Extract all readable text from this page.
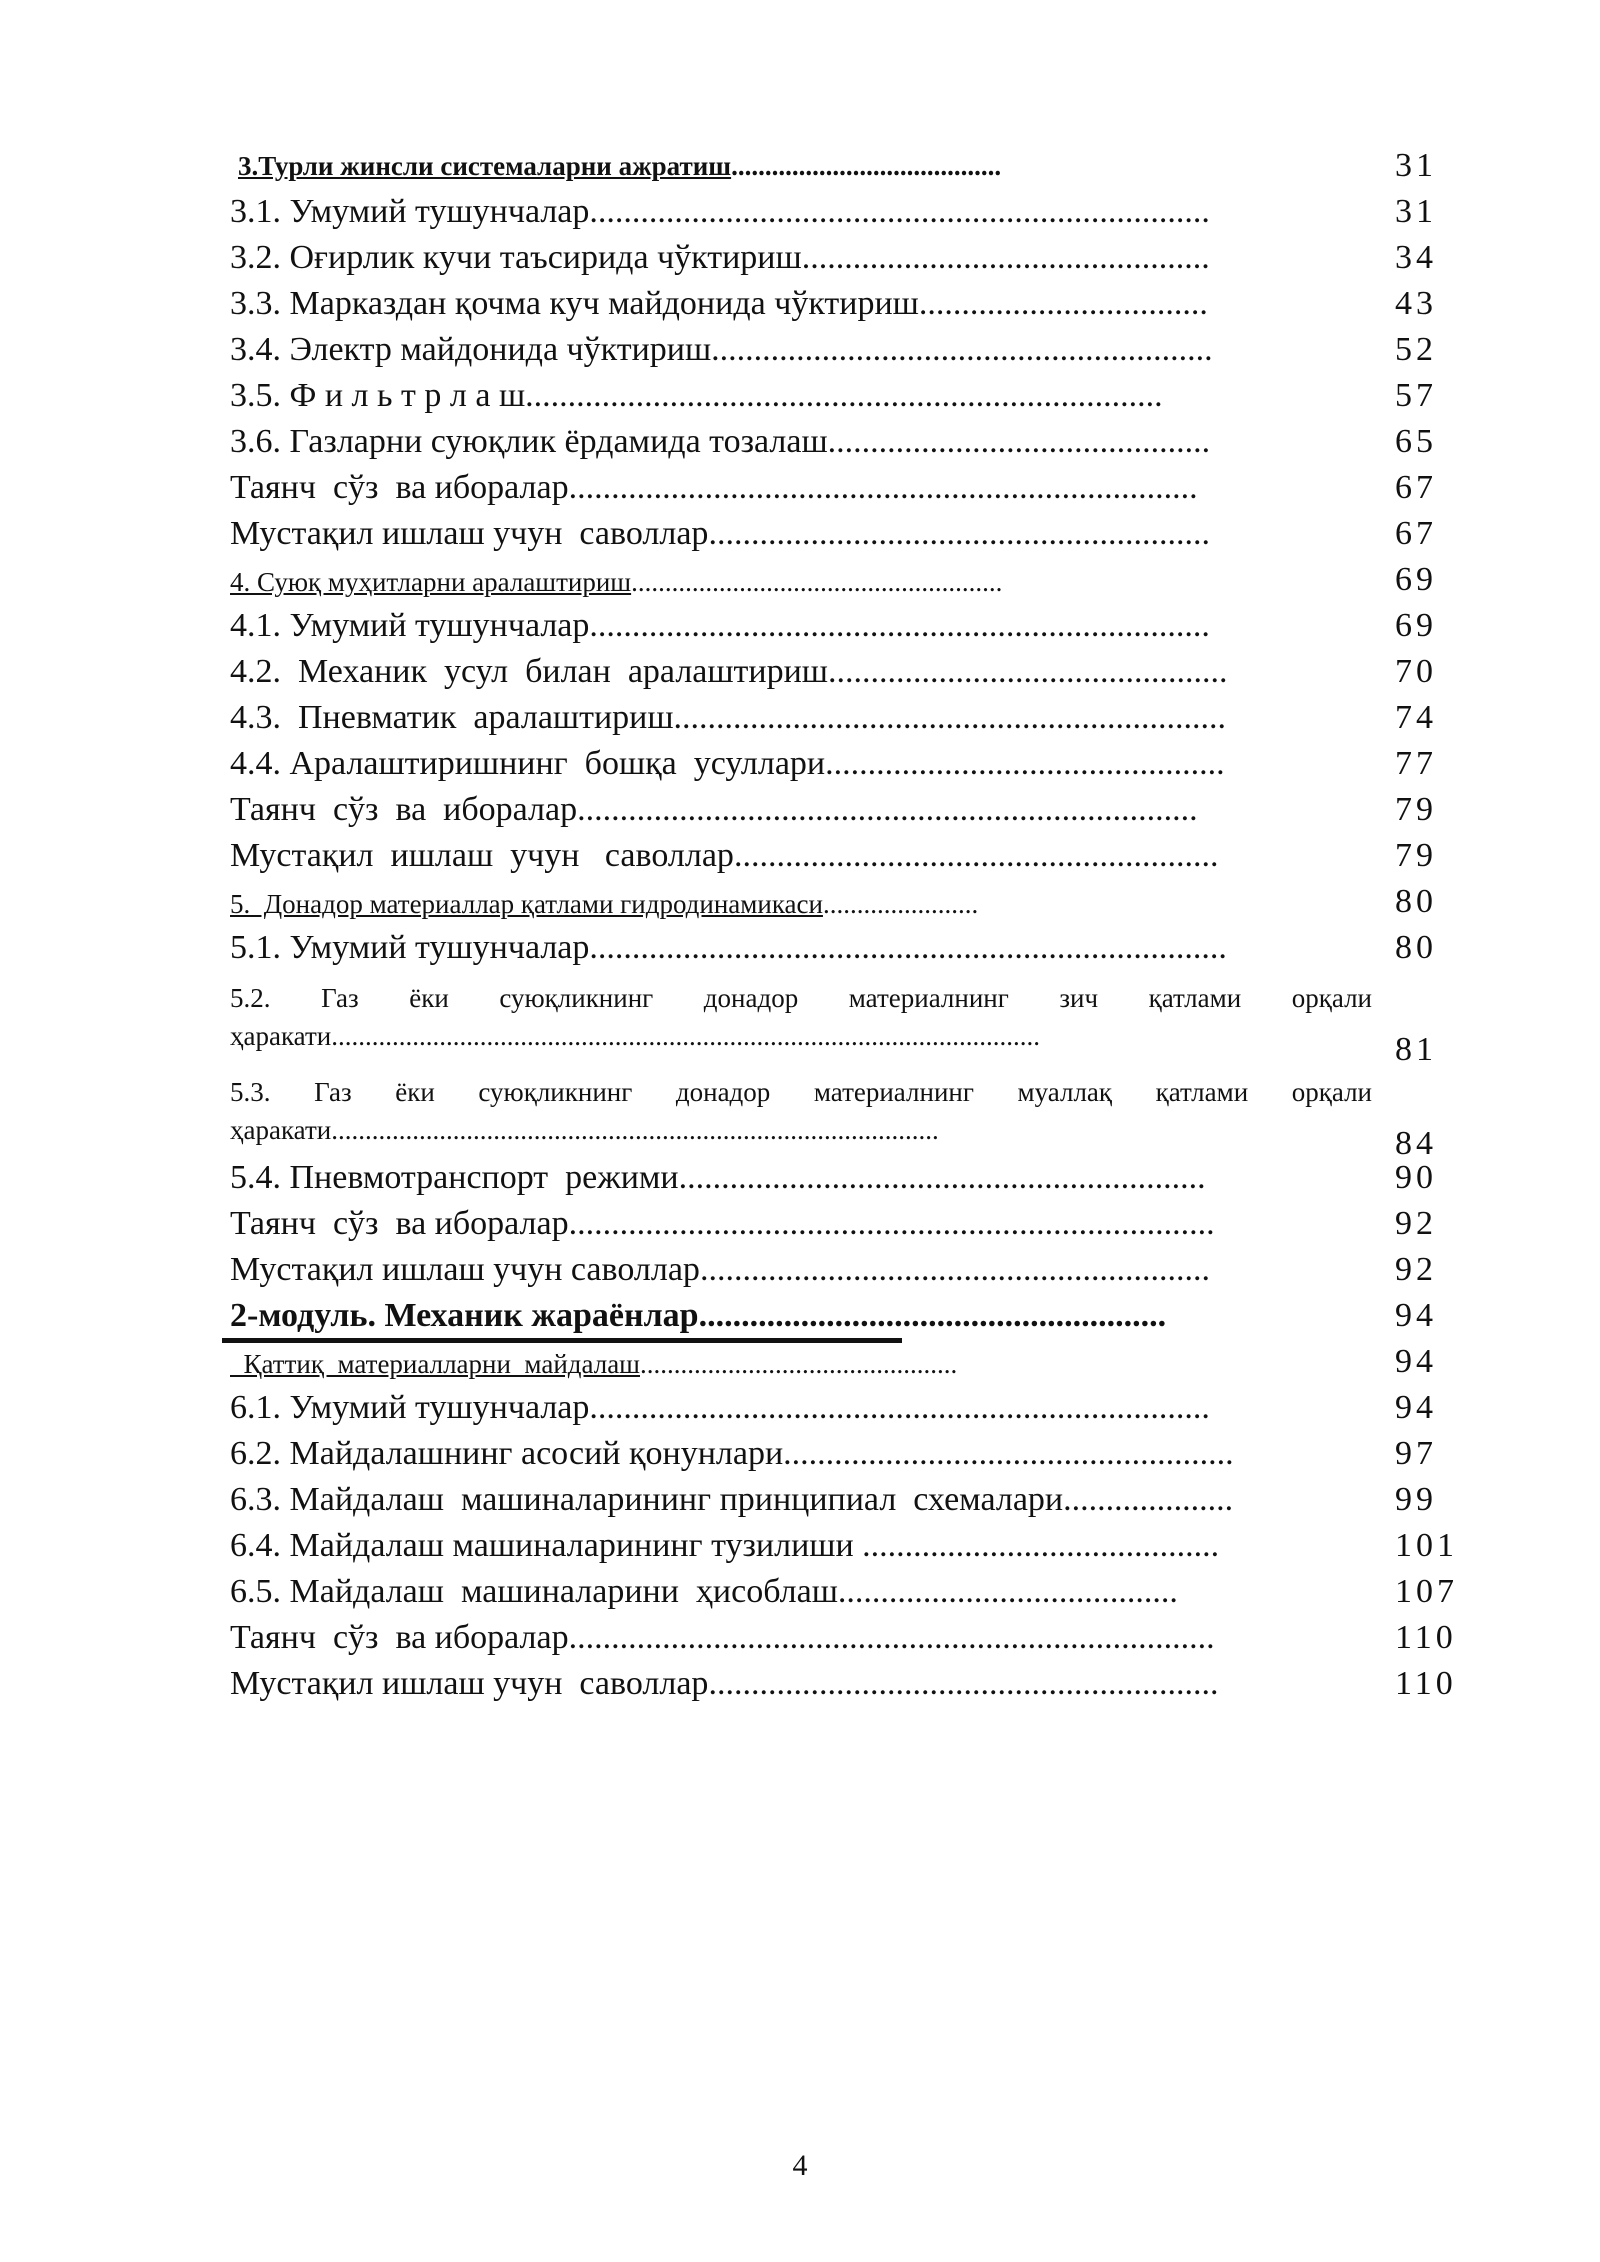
3.Турли жинсли системаларни ажратиш........................................	31
3.1. Умумий тушунчалар.........................................................................	31
3.2. Оғирлик кучи таъсирида чўктириш................................................	34
3.3. Марказдан қочма куч майдонида чўктириш..................................	43
3.4. Электр майдонида чўктириш...........................................................	52
3.5. Ф и л ь т р л а ш...........................................................................	57
3.6. Газларни суюқлик ёрдамида тозалаш.............................................	65
Таянч  сўз  ва иборалар..........................................................................	67
Мустақил ишлаш учун  саволлар...........................................................	67
4. Суюқ муҳитларни аралаштириш.......................................................	69
4.1. Умумий тушунчалар.........................................................................	69
4.2.  Механик  усул  билан  аралаштириш...............................................	70
4.3.  Пневматик  аралаштириш.................................................................	74
4.4. Аралаштиришнинг  бошқа  усуллари...............................................	77
Таянч  сўз  ва  иборалар.........................................................................	79
Мустақил  ишлаш  учун   саволлар.........................................................	79
5.  Донадор материаллар қатлами гидродинамикаси.......................	80
5.1. Умумий тушунчалар...........................................................................	80
5.2. Газ ёки суюқликнинг донадор материалнинг зич қатлами орқали
ҳаракати.........................................................................................................	81
5.3. Газ ёки суюқликнинг донадор материалнинг муаллақ қатлами орқали
ҳаракати..........................................................................................	84
5.4. Пневмотранспорт  режими..............................................................	90
Таянч  сўз  ва иборалар............................................................................	92
Мустақил ишлаш учун саволлар............................................................	92
2-модуль. Механик жараёнлар.......................................................	94
Қаттиқ  материалларни  майдалаш...............................................	94
6.1. Умумий тушунчалар.........................................................................	94
6.2. Майдалашнинг асосий қонунлари.....................................................	97
6.3. Майдалаш  машиналарининг принципиал  схемалари....................	99
6.4. Майдалаш машиналарининг тузилиши ..........................................	101
6.5. Майдалаш  машиналарини  ҳисоблаш........................................	107
Таянч  сўз  ва иборалар............................................................................	110
Мустақил ишлаш учун  саволлар............................................................	110
4
